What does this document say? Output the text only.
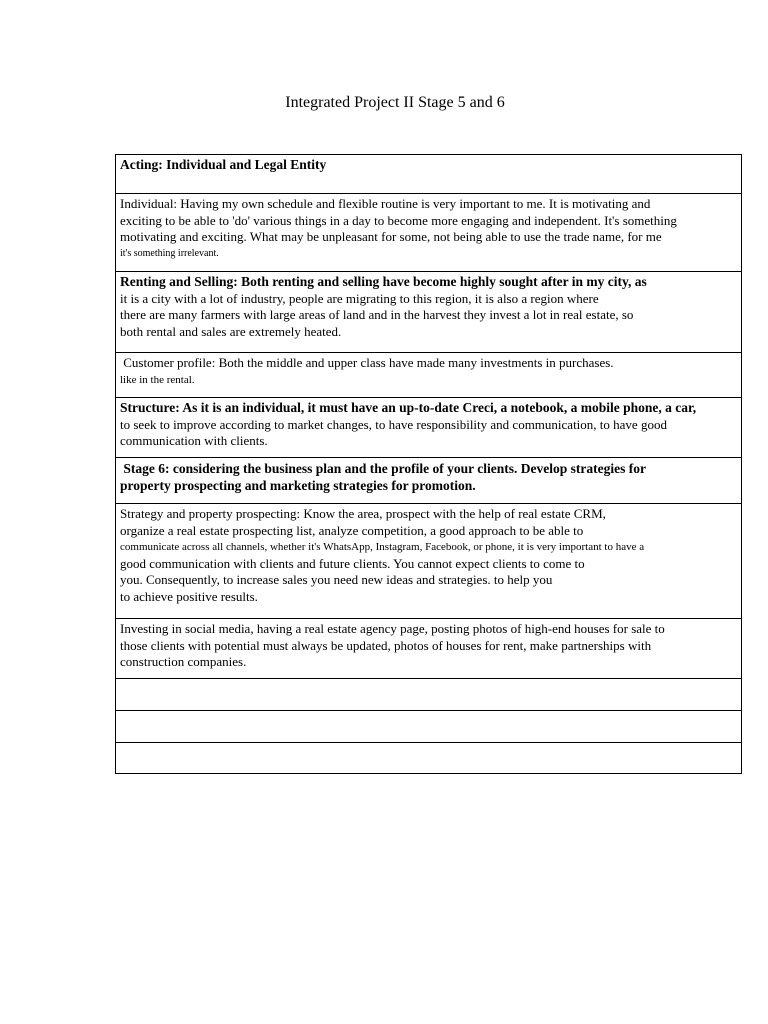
Integrated Project II Stage 5 and 6
Acting: Individual and Legal Entity

Individual: Having my own schedule and flexible routine is very important to me. It is motivating and
exciting to be able to 'do' various things in a day to become more engaging and independent. It's something
motivating and exciting. What may be unpleasant for some, not being able to use the trade name, for me
it's something irrelevant.

Renting and Selling: Both renting and selling have become highly sought after in my city, as
it is a city with a lot of industry, people are migrating to this region, it is also a region where
there are many farmers with large areas of land and in the harvest they invest a lot in real estate, so
both rental and sales are extremely heated.

Customer profile: Both the middle and upper class have made many investments in purchases.
like in the rental.

Structure: As it is an individual, it must have an up-to-date Creci, a notebook, a mobile phone, a car,
to seek to improve according to market changes, to have responsibility and communication, to have good
communication with clients.

Stage 6: considering the business plan and the profile of your clients. Develop strategies for
property prospecting and marketing strategies for promotion.

Strategy and property prospecting: Know the area, prospect with the help of real estate CRM,
organize a real estate prospecting list, analyze competition, a good approach to be able to
communicate across all channels, whether it's WhatsApp, Instagram, Facebook, or phone, it is very important to have a
good communication with clients and future clients. You cannot expect clients to come to
you. Consequently, to increase sales you need new ideas and strategies. to help you
to achieve positive results.

Investing in social media, having a real estate agency page, posting photos of high-end houses for sale to
those clients with potential must always be updated, photos of houses for rent, make partnerships with
construction companies.
